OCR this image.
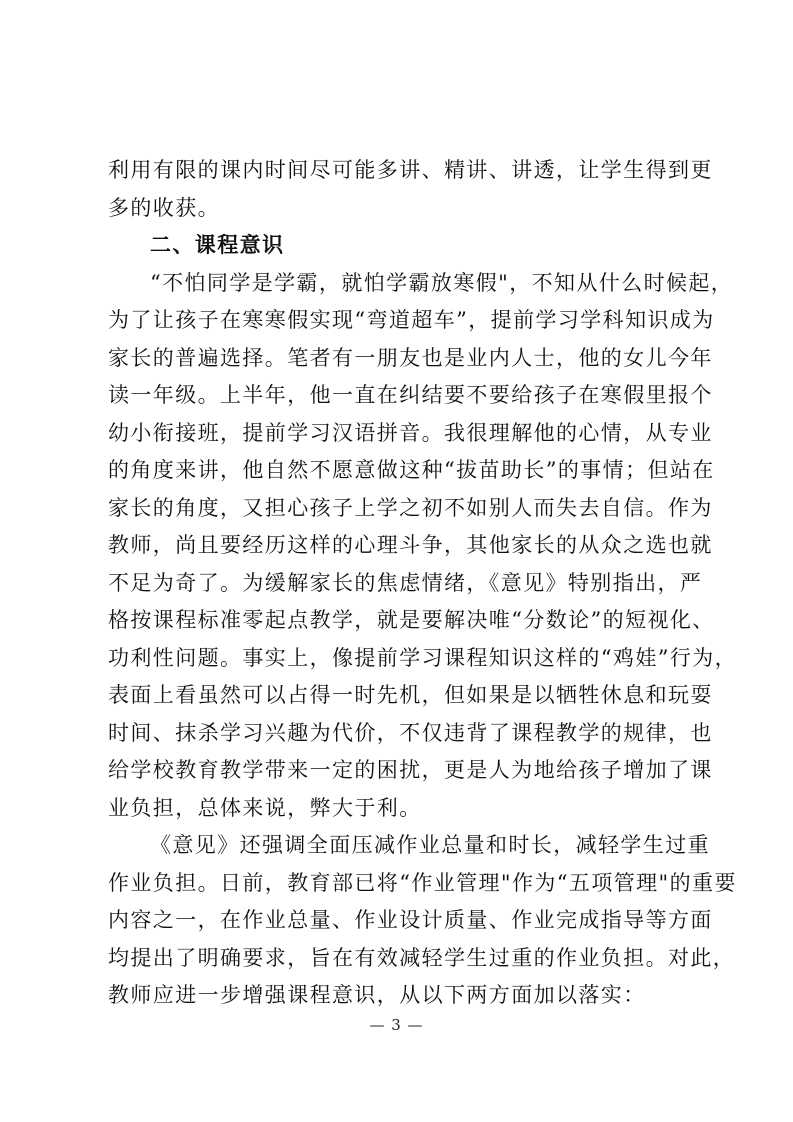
利用有限的课内时间尽可能多讲、精讲、讲透，让学生得到更
多的收获。
二、课程意识
“不怕同学是学霸，就怕学霸放寒假"，不知从什么时候起，
为了让孩子在寒寒假实现“弯道超车”，提前学习学科知识成为
家长的普遍选择。笔者有一朋友也是业内人士，他的女儿今年
读一年级。上半年，他一直在纠结要不要给孩子在寒假里报个
幼小衔接班，提前学习汉语拼音。我很理解他的心情，从专业
的角度来讲，他自然不愿意做这种“拔苗助长”的事情；但站在
家长的角度，又担心孩子上学之初不如别人而失去自信。作为
教师，尚且要经历这样的心理斗争，其他家长的从众之选也就
不足为奇了。为缓解家长的焦虑情绪，《意见》特别指出，严
格按课程标准零起点教学，就是要解决唯“分数论”的短视化、
功利性问题。事实上，像提前学习课程知识这样的“鸡娃”行为，
表面上看虽然可以占得一时先机，但如果是以牺牲休息和玩耍
时间、抹杀学习兴趣为代价，不仅违背了课程教学的规律，也
给学校教育教学带来一定的困扰，更是人为地给孩子增加了课
业负担，总体来说，弊大于利。
《意见》还强调全面压减作业总量和时长，减轻学生过重
作业负担。日前，教育部已将“作业管理"作为“五项管理"的重要
内容之一，在作业总量、作业设计质量、作业完成指导等方面
均提出了明确要求，旨在有效减轻学生过重的作业负担。对此，
教师应进一步增强课程意识，从以下两方面加以落实：
— 3 —
